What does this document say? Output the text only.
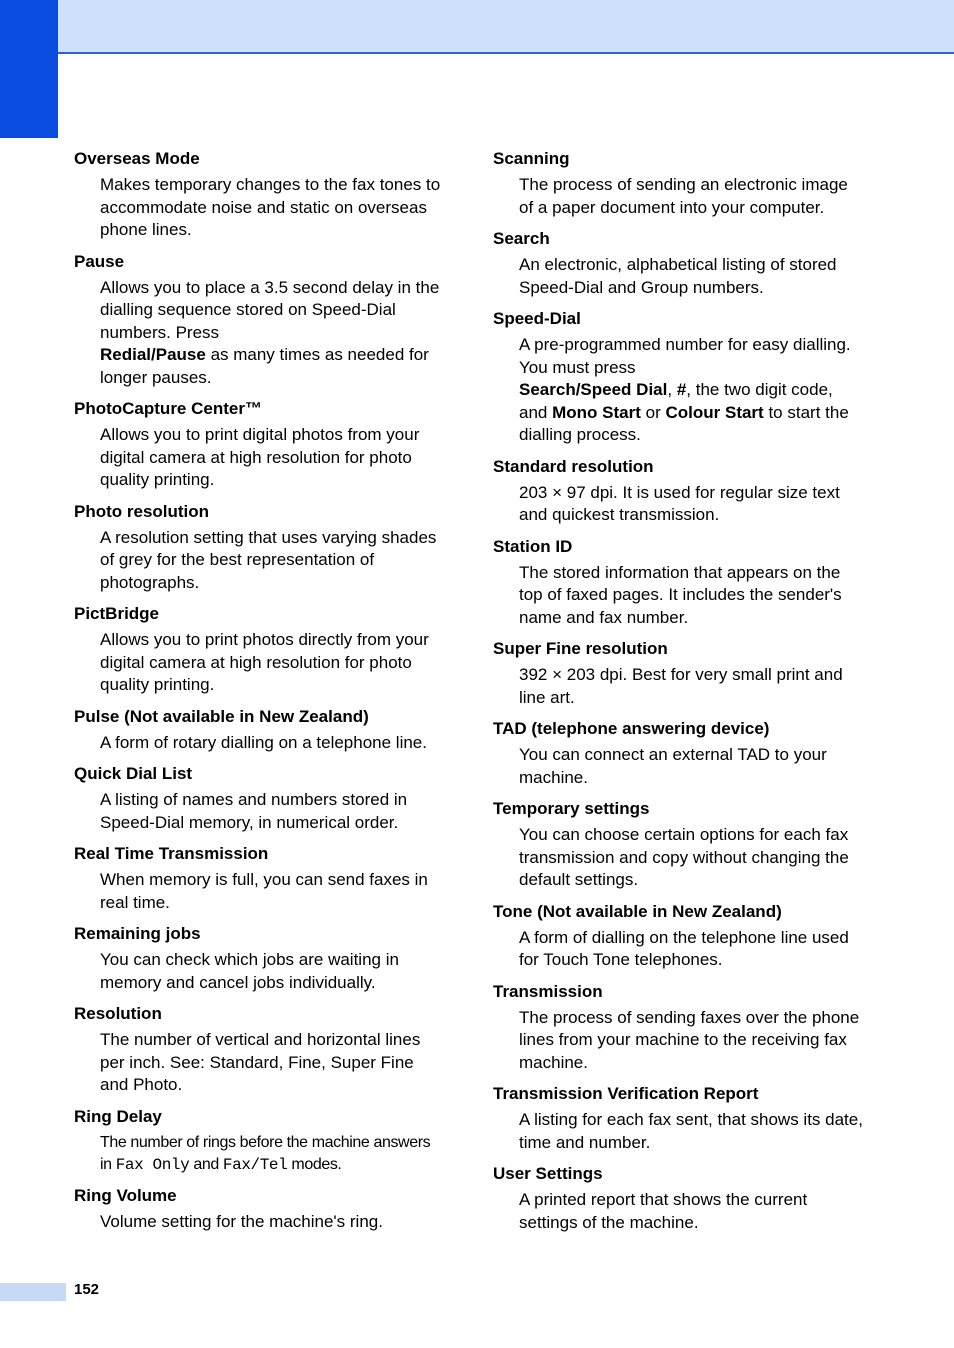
Overseas Mode
Makes temporary changes to the fax tones to accommodate noise and static on overseas phone lines.
Pause
Allows you to place a 3.5 second delay in the dialling sequence stored on Speed-Dial numbers. Press
Redial/Pause as many times as needed for longer pauses.
PhotoCapture Center™
Allows you to print digital photos from your digital camera at high resolution for photo quality printing.
Photo resolution
A resolution setting that uses varying shades of grey for the best representation of photographs.
PictBridge
Allows you to print photos directly from your digital camera at high resolution for photo quality printing.
Pulse (Not available in New Zealand)
A form of rotary dialling on a telephone line.
Quick Dial List
A listing of names and numbers stored in Speed-Dial memory, in numerical order.
Real Time Transmission
When memory is full, you can send faxes in real time.
Remaining jobs
You can check which jobs are waiting in memory and cancel jobs individually.
Resolution
The number of vertical and horizontal lines per inch. See: Standard, Fine, Super Fine and Photo.
Ring Delay
The number of rings before the machine answers in Fax Only and Fax/Tel modes.
Ring Volume
Volume setting for the machine's ring.
Scanning
The process of sending an electronic image of a paper document into your computer.
Search
An electronic, alphabetical listing of stored Speed-Dial and Group numbers.
Speed-Dial
A pre-programmed number for easy dialling. You must press
Search/Speed Dial, #, the two digit code, and Mono Start or Colour Start to start the dialling process.
Standard resolution
203 × 97 dpi. It is used for regular size text and quickest transmission.
Station ID
The stored information that appears on the top of faxed pages. It includes the sender's name and fax number.
Super Fine resolution
392 × 203 dpi. Best for very small print and line art.
TAD (telephone answering device)
You can connect an external TAD to your machine.
Temporary settings
You can choose certain options for each fax transmission and copy without changing the default settings.
Tone (Not available in New Zealand)
A form of dialling on the telephone line used for Touch Tone telephones.
Transmission
The process of sending faxes over the phone lines from your machine to the receiving fax machine.
Transmission Verification Report
A listing for each fax sent, that shows its date, time and number.
User Settings
A printed report that shows the current settings of the machine.
152
